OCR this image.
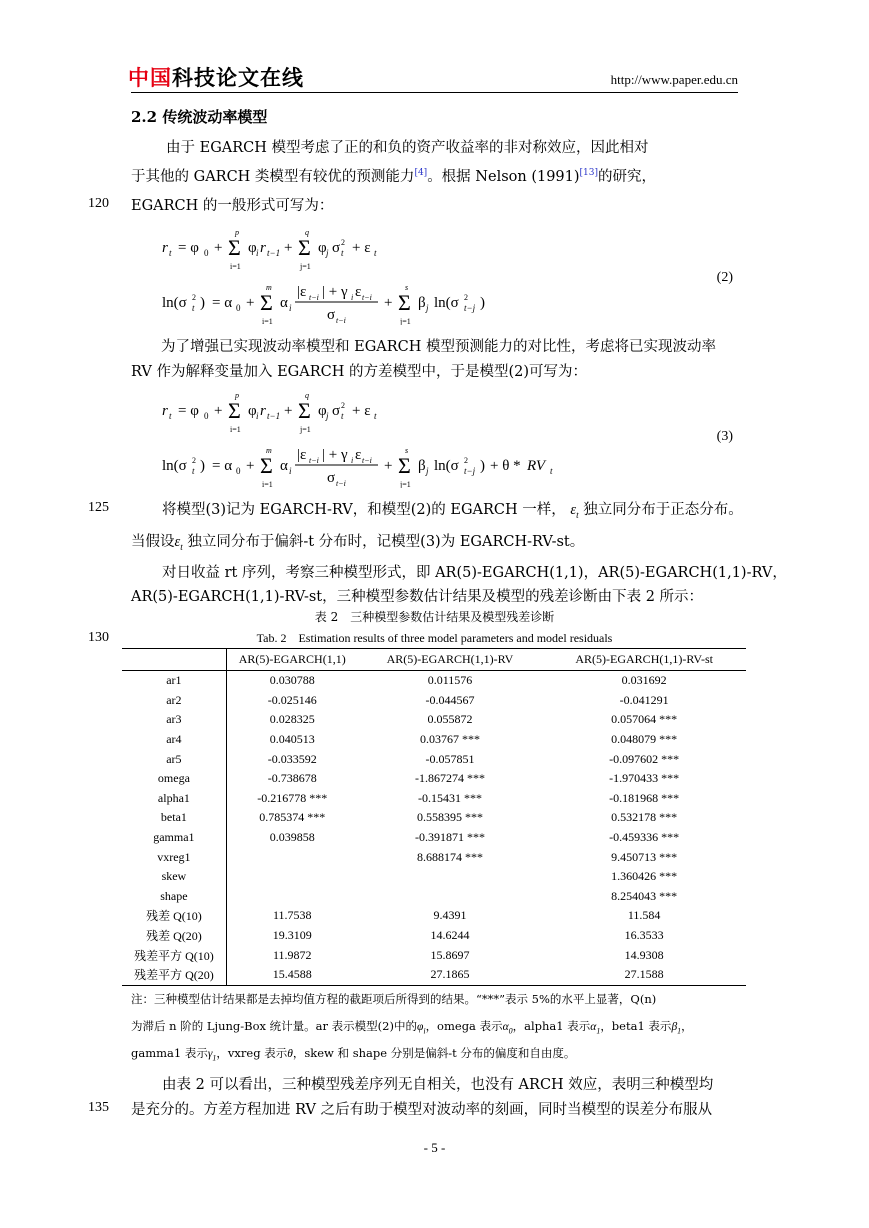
中国科技论文在线	http://www.paper.edu.cn
2.2 传统波动率模型
由于 EGARCH 模型考虑了正的和负的资产收益率的非对称效应，因此相对
于其他的 GARCH 类模型有较优的预测能力[4]。根据 Nelson (1991)[13]的研究，
120 EGARCH 的一般形式可写为：
r t = φ 0 + Σ
p
i=1
φ i r t−1 + Σ
q
j=1
φ j σ 2
t + ε t
ln(σ 2
t ) = α 0 + Σ
m
i=1
α i
|ε t−i | + γ i ε t−i
σ t−i
+ Σ
s
j=1
β j ln(σ 2
t−j )
(2)
为了增强已实现波动率模型和 EGARCH 模型预测能力的对比性，考虑将已实现波动率
RV 作为解释变量加入 EGARCH 的方差模型中，于是模型(2)可写为：
r t = φ 0 + Σ
p
i=1
φ i r t−1 + Σ
q
j=1
φ j σ 2
t + ε t
ln(σ 2
t ) = α 0 + Σ
m
i=1
α i
|ε t−i | + γ i ε t−i
σ t−i
+ Σ
s
j=1
β j ln(σ 2
t−j ) + θ * RV t
(3)
125	将模型(3)记为 EGARCH-RV，和模型(2)的 EGARCH 一样， $\varepsilon_t$ 独立同分布于正态分布。
当假设$\varepsilon_t$ 独立同分布于偏斜-t 分布时，记模型(3)为 EGARCH-RV-st。
对日收益 rt 序列，考察三种模型形式，即 AR(5)-EGARCH(1,1)，AR(5)-EGARCH(1,1)-RV，
AR(5)-EGARCH(1,1)-RV-st，三种模型参数估计结果及模型的残差诊断由下表 2 所示：
表 2　三种模型参数估计结果及模型残差诊断
130	Tab. 2　Estimation results of three model parameters and model residuals
	AR(5)-EGARCH(1,1)	AR(5)-EGARCH(1,1)-RV	AR(5)-EGARCH(1,1)-RV-st
ar1	0.030788	0.011576	0.031692
ar2	-0.025146	-0.044567	-0.041291
ar3	0.028325	0.055872	0.057064 ***
ar4	0.040513	0.03767 ***	0.048079 ***
ar5	-0.033592	-0.057851	-0.097602 ***
omega	-0.738678	-1.867274 ***	-1.970433 ***
alpha1	-0.216778 ***	-0.15431 ***	-0.181968 ***
beta1	0.785374 ***	0.558395 ***	0.532178 ***
gamma1	0.039858	-0.391871 ***	-0.459336 ***
vxreg1		8.688174 ***	9.450713 ***
skew			1.360426 ***
shape			8.254043 ***
残差 Q(10)	11.7538	9.4391	11.584
残差 Q(20)	19.3109	14.6244	16.3533
残差平方 Q(10)	11.9872	15.8697	14.9308
残差平方 Q(20)	15.4588	27.1865	27.1588
注：三种模型估计结果都是去掉均值方程的截距项后所得到的结果。“***”表示 5%的水平上显著，Q(n)
为滞后 n 阶的 Ljung-Box 统计量。ar 表示模型(2)中的$\varphi_i$，omega 表示$\alpha_0$，alpha1 表示$\alpha_1$，beta1 表示$\beta_1$，
gamma1 表示$\gamma_1$，vxreg 表示θ，skew 和 shape 分别是偏斜-t 分布的偏度和自由度。
由表 2 可以看出，三种模型残差序列无自相关，也没有 ARCH 效应，表明三种模型均
135 是充分的。方差方程加进 RV 之后有助于模型对波动率的刻画，同时当模型的误差分布服从
- 5 -
